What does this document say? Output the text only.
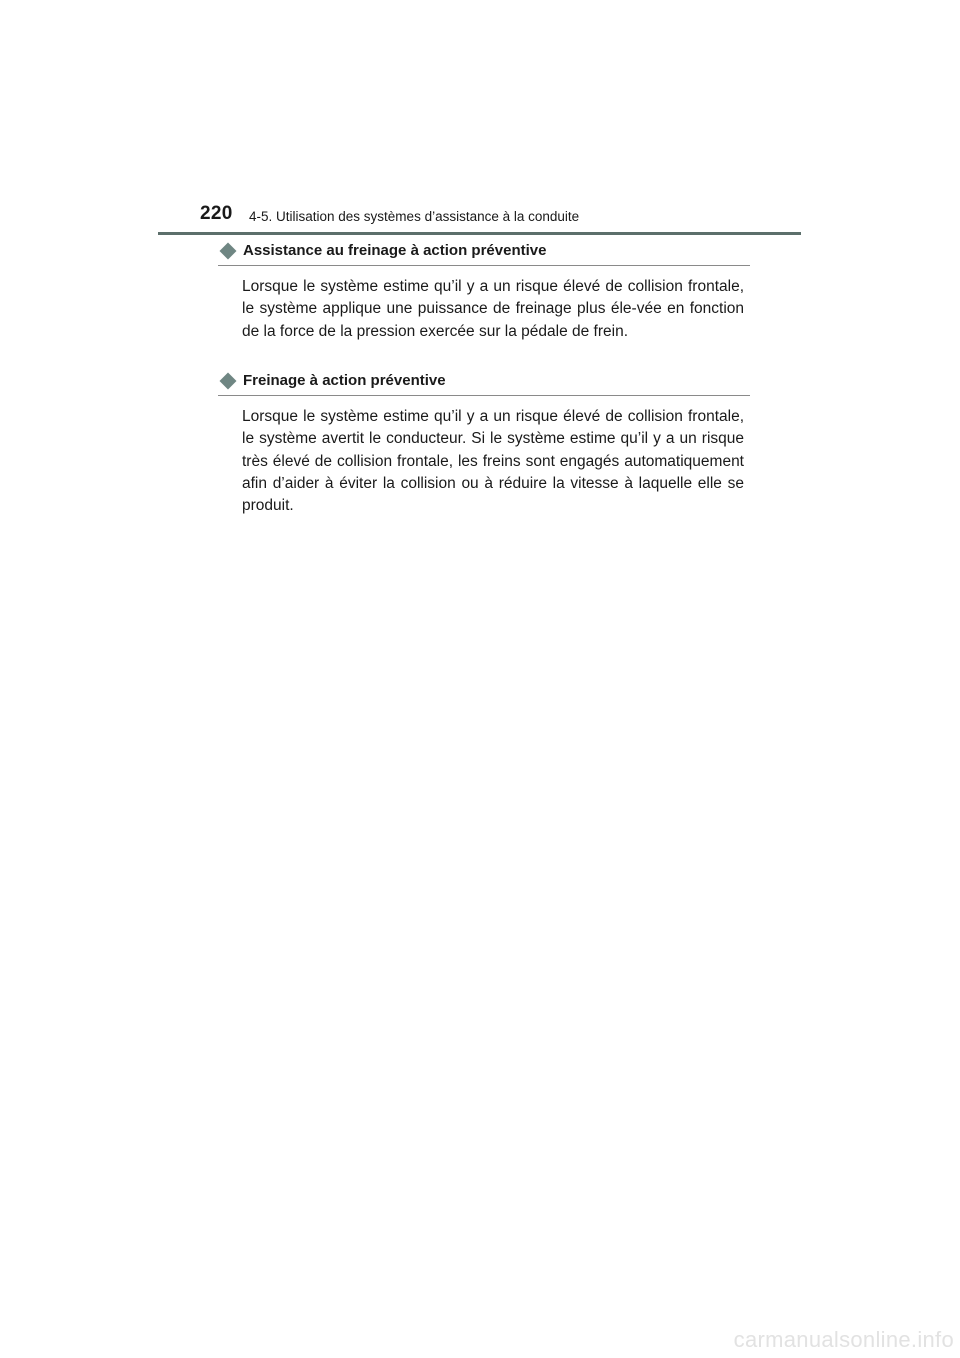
220 4-5. Utilisation des systèmes d’assistance à la conduite
Assistance au freinage à action préventive

Lorsque le système estime qu’il y a un risque élevé de collision frontale, le système applique une puissance de freinage plus éle-vée en fonction de la force de la pression exercée sur la pédale de frein.

Freinage à action préventive

Lorsque le système estime qu’il y a un risque élevé de collision frontale, le système avertit le conducteur. Si le système estime qu’il y a un risque très élevé de collision frontale, les freins sont engagés automatiquement afin d’aider à éviter la collision ou à réduire la vitesse à laquelle elle se produit.

carmanualsonline.info
